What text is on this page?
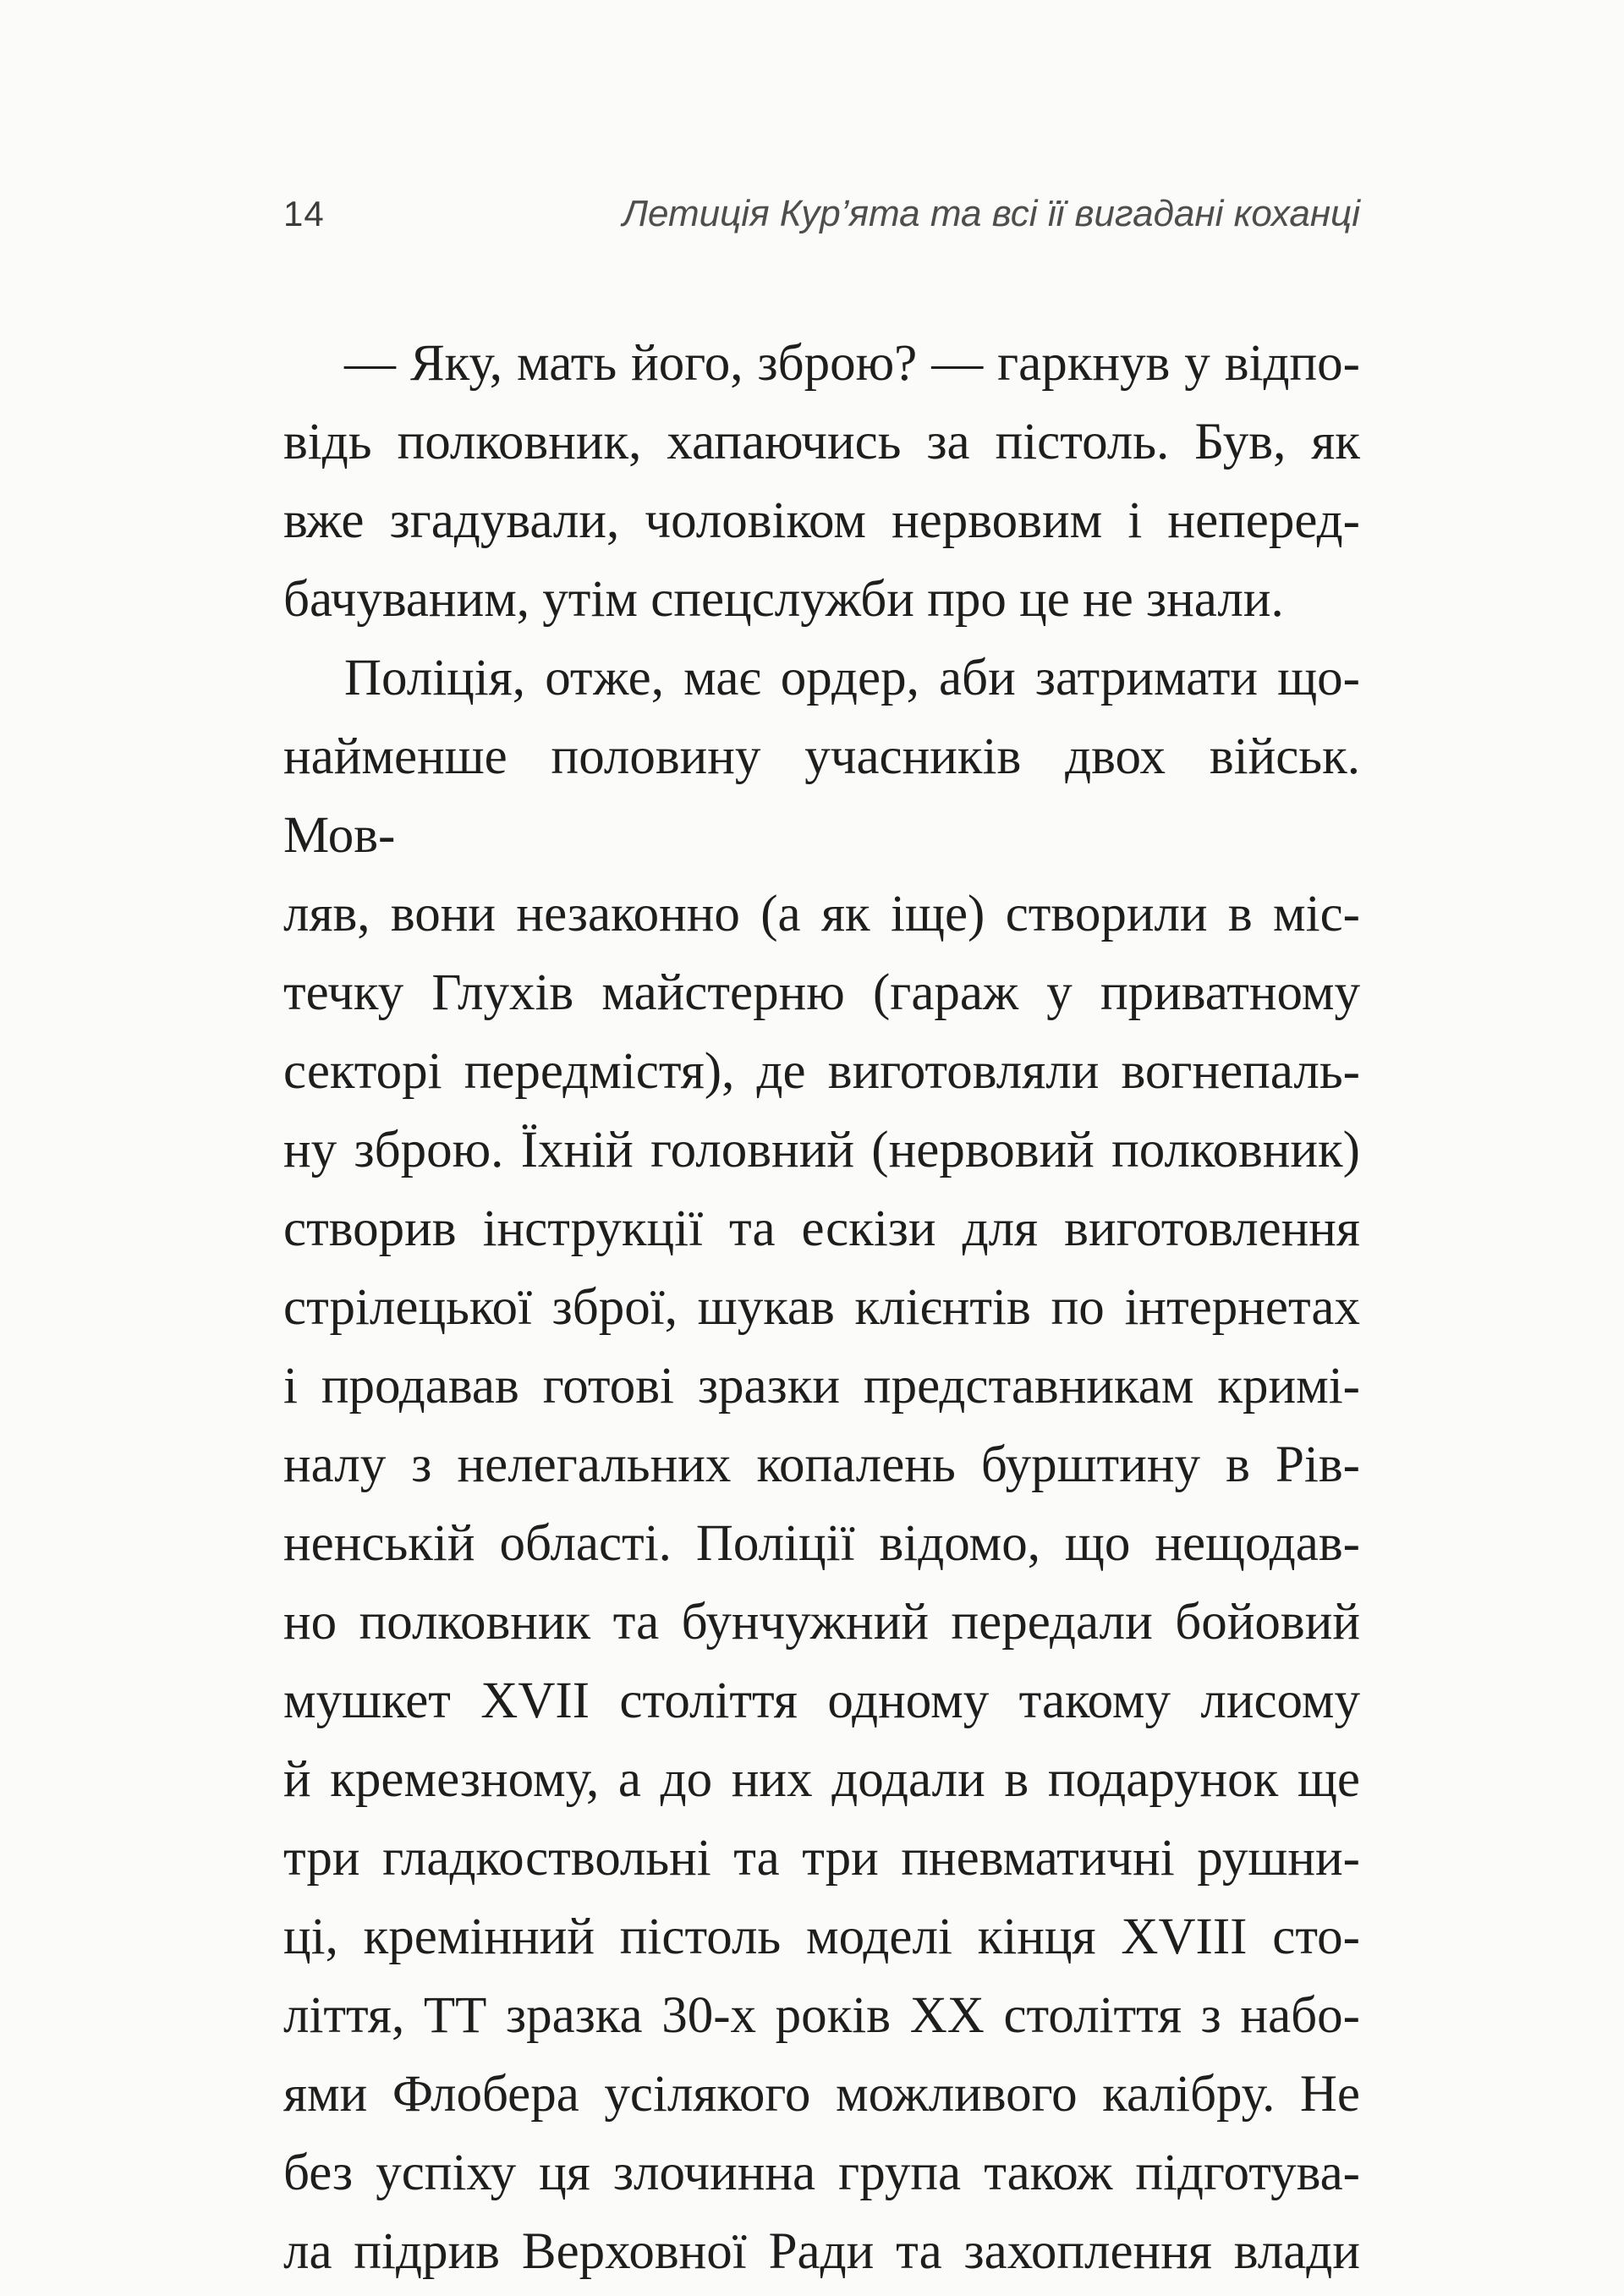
14	Летиція Кур’ята та всі її вигадані коханці
— Яку, мать його, зброю? — гаркнув у відпо-
відь полковник, хапаючись за пістоль. Був, як
вже згадували, чоловіком нервовим і неперед-
бачуваним, утім спецслужби про це не знали.
Поліція, отже, має ордер, аби затримати що-
найменше половину учасників двох військ. Мов-
ляв, вони незаконно (а як іще) створили в міс-
течку Глухів майстерню (гараж у приватному
секторі передмістя), де виготовляли вогнепаль-
ну зброю. Їхній головний (нервовий полковник)
створив інструкції та ескізи для виготовлення
стрілецької зброї, шукав клієнтів по інтернетах
і продавав готові зразки представникам кримі-
налу з нелегальних копалень бурштину в Рів-
ненській області. Поліції відомо, що нещодав-
но полковник та бунчужний передали бойовий
мушкет XVII століття одному такому лисому
й кремезному, а до них додали в подарунок ще
три гладкоствольні та три пневматичні рушни-
ці, кремінний пістоль моделі кінця XVIII сто-
ліття, ТТ зразка 30-х років XX століття з набо-
ями Флобера усілякого можливого калібру. Не
без успіху ця злочинна група також підготува-
ла підрив Верховної Ради та захоплення влади
